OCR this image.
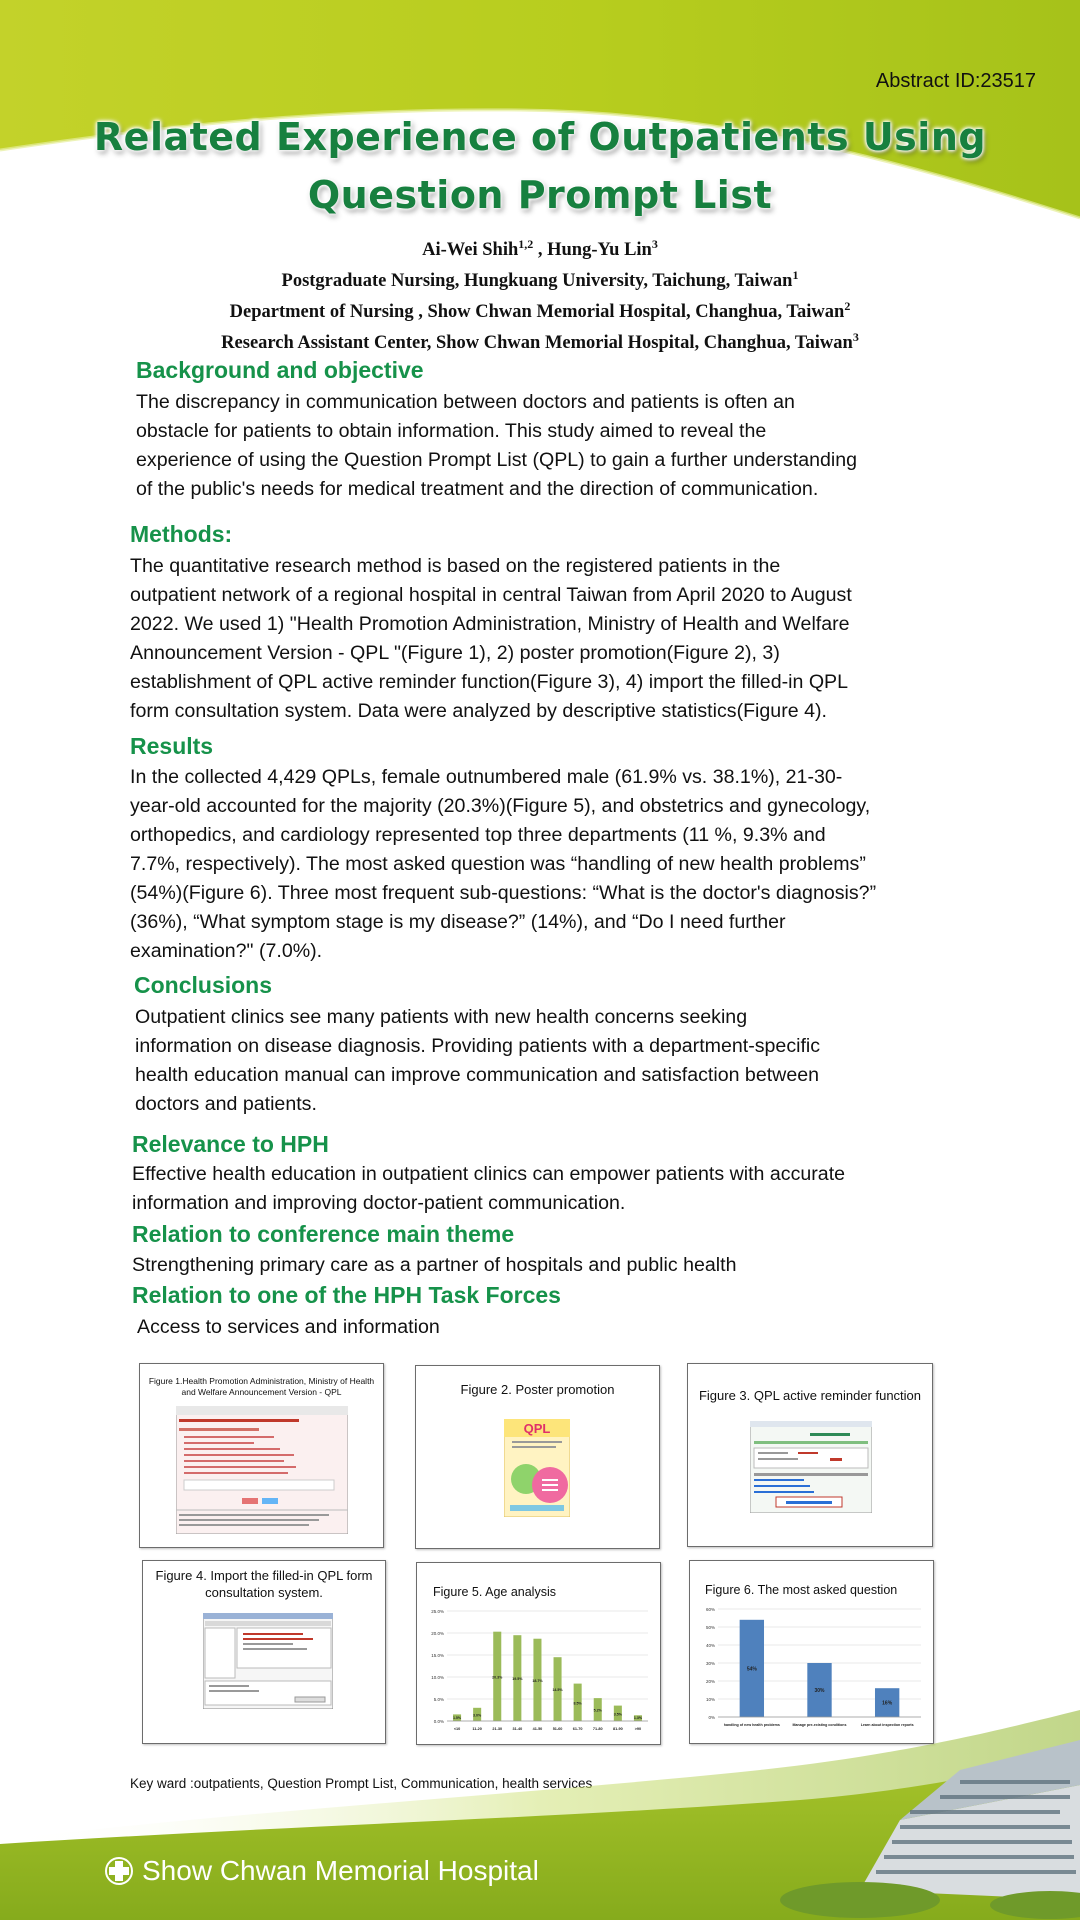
Abstract ID:23517
Related Experience of Outpatients Using
Question Prompt List
Ai-Wei Shih$^{1,2}$ , Hung-Yu Lin$^3$
Postgraduate Nursing, Hungkuang University, Taichung, Taiwan$^1$
Department of Nursing , Show Chwan Memorial Hospital, Changhua, Taiwan$^2$
Research Assistant Center, Show Chwan Memorial Hospital, Changhua, Taiwan$^3$
Background and objective
The discrepancy in communication between doctors and patients is often an
obstacle for patients to obtain information. This study aimed to reveal the
experience of using the Question Prompt List (QPL) to gain a further understanding
of the public's needs for medical treatment and the direction of communication.
Methods:
The quantitative research method is based on the registered patients in the
outpatient network of a regional hospital in central Taiwan from April 2020 to August
2022. We used 1) "Health Promotion Administration, Ministry of Health and Welfare
Announcement Version - QPL "(Figure 1), 2) poster promotion(Figure 2), 3)
establishment of QPL active reminder function(Figure 3), 4) import the filled-in QPL
form consultation system. Data were analyzed by descriptive statistics(Figure 4).
Results
In the collected 4,429 QPLs, female outnumbered male (61.9% vs. 38.1%), 21-30-
year-old accounted for the majority (20.3%)(Figure 5), and obstetrics and gynecology,
orthopedics, and cardiology represented top three departments (11 %, 9.3% and
7.7%, respectively). The most asked question was “handling of new health problems”
(54%)(Figure 6). Three most frequent sub-questions: “What is the doctor's diagnosis?”
(36%), “What symptom stage is my disease?” (14%), and “Do I need further
examination?" (7.0%).
Conclusions
Outpatient clinics see many patients with new health concerns seeking
information on disease diagnosis. Providing patients with a department-specific
health education manual can improve communication and satisfaction between
doctors and patients.
Relevance to HPH
Effective health education in outpatient clinics can empower patients with accurate
information and improving doctor-patient communication.
Relation to conference main theme
Strengthening primary care as a partner of hospitals and public health
Relation to one of the HPH Task Forces
Access to services and information
Figure 1.Health Promotion Administration, Ministry of Health
and Welfare Announcement Version - QPL	Figure 2. Poster promotion
QPL
Figure 3. QPL active reminder function
Figure 4. Import the filled-in QPL form
consultation system.	Figure 5. Age analysis
0.0%
5.0%
10.0%
15.0%
20.0%
25.0%
<10
1.5%
11-20
3.0%
21-30
20.3%
31-40
19.5%
41-50
18.7%
51-60
14.5%
61-70
8.5%
71-80
5.2%
81-90
3.5%
>90
1.3%
Figure 6. The most asked question
0%
10%
20%
30%
40%
50%
60%
handling of new health problems
54%
Manage pre-existing conditions
30%
Learn about inspection reports
16%
Key ward :outpatients, Question Prompt List, Communication, health services
Show Chwan Memorial Hospital
